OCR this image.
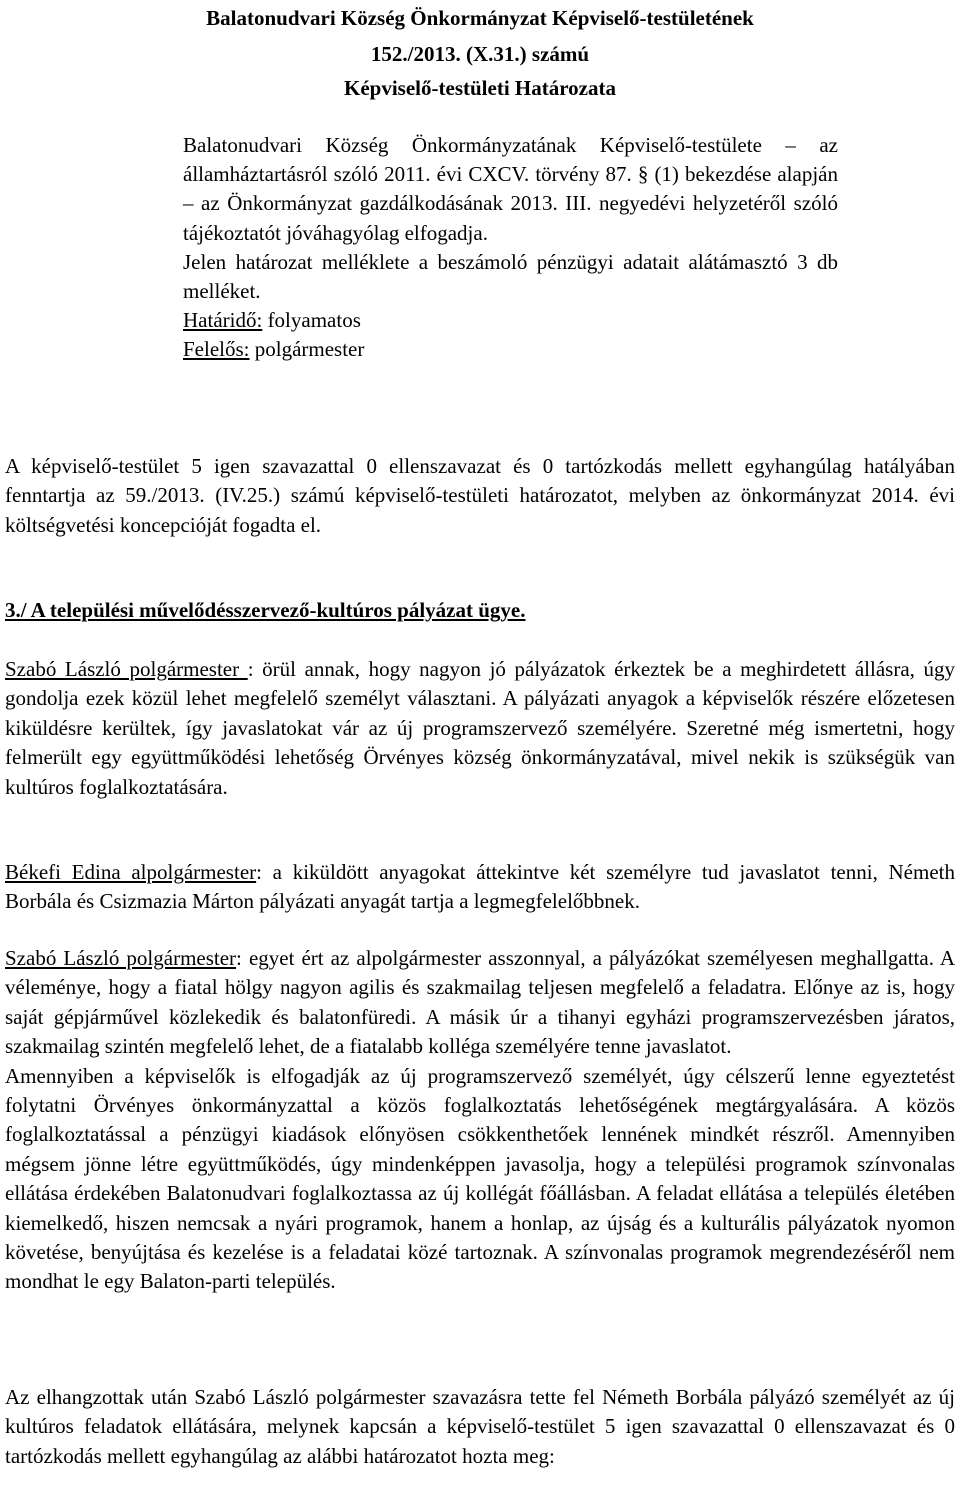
Balatonudvari Község Önkormányzat Képviselő-testületének
152./2013. (X.31.) számú
Képviselő-testületi Határozata

Balatonudvari Község Önkormányzatának Képviselő-testülete – az államháztartásról szóló 2011. évi CXCV. törvény 87. § (1) bekezdése alapján – az Önkormányzat gazdálkodásának 2013. III. negyedévi helyzetéről szóló tájékoztatót jóváhagyólag elfogadja.

Jelen határozat melléklete a beszámoló pénzügyi adatait alátámasztó 3 db melléket.

Határidő: folyamatos

Felelős: polgármester

A képviselő-testület 5 igen szavazattal 0 ellenszavazat és 0 tartózkodás mellett egyhangúlag hatályában fenntartja az 59./2013. (IV.25.) számú képviselő-testületi határozatot, melyben az önkormányzat 2014. évi költségvetési koncepcióját fogadta el.

3./ A települési művelődésszervező-kultúros pályázat ügye.

Szabó László polgármester : örül annak, hogy nagyon jó pályázatok érkeztek be a meghirdetett állásra, úgy gondolja ezek közül lehet megfelelő személyt választani. A pályázati anyagok a képviselők részére előzetesen kiküldésre kerültek, így javaslatokat vár az új programszervező személyére. Szeretné még ismertetni, hogy felmerült egy együttműködési lehetőség Örvényes község önkormányzatával, mivel nekik is szükségük van kultúros foglalkoztatására.

Békefi Edina alpolgármester: a kiküldött anyagokat áttekintve két személyre tud javaslatot tenni, Németh Borbála és Csizmazia Márton pályázati anyagát tartja a legmegfelelőbbnek.

Szabó László polgármester: egyet ért az alpolgármester asszonnyal, a pályázókat személyesen meghallgatta. A véleménye, hogy a fiatal hölgy nagyon agilis és szakmailag teljesen megfelelő a feladatra. Előnye az is, hogy saját gépjárművel közlekedik és balatonfüredi. A másik úr a tihanyi egyházi programszervezésben járatos, szakmailag szintén megfelelő lehet, de a fiatalabb kolléga személyére tenne javaslatot.

Amennyiben a képviselők is elfogadják az új programszervező személyét, úgy célszerű lenne egyeztetést folytatni Örvényes önkormányzattal a közös foglalkoztatás lehetőségének megtárgyalására. A közös foglalkoztatással a pénzügyi kiadások előnyösen csökkenthetőek lennének mindkét részről. Amennyiben mégsem jönne létre együttműködés, úgy mindenképpen javasolja, hogy a települési programok színvonalas ellátása érdekében Balatonudvari foglalkoztassa az új kollégát főállásban. A feladat ellátása a település életében kiemelkedő, hiszen nemcsak a nyári programok, hanem a honlap, az újság és a kulturális pályázatok nyomon követése, benyújtása és kezelése is a feladatai közé tartoznak. A színvonalas programok megrendezéséről nem mondhat le egy Balaton-parti település.

Az elhangzottak után Szabó László polgármester szavazásra tette fel Németh Borbála pályázó személyét az új kultúros feladatok ellátására, melynek kapcsán a képviselő-testület 5 igen szavazattal 0 ellenszavazat és 0 tartózkodás mellett egyhangúlag az alábbi határozatot hozta meg:
